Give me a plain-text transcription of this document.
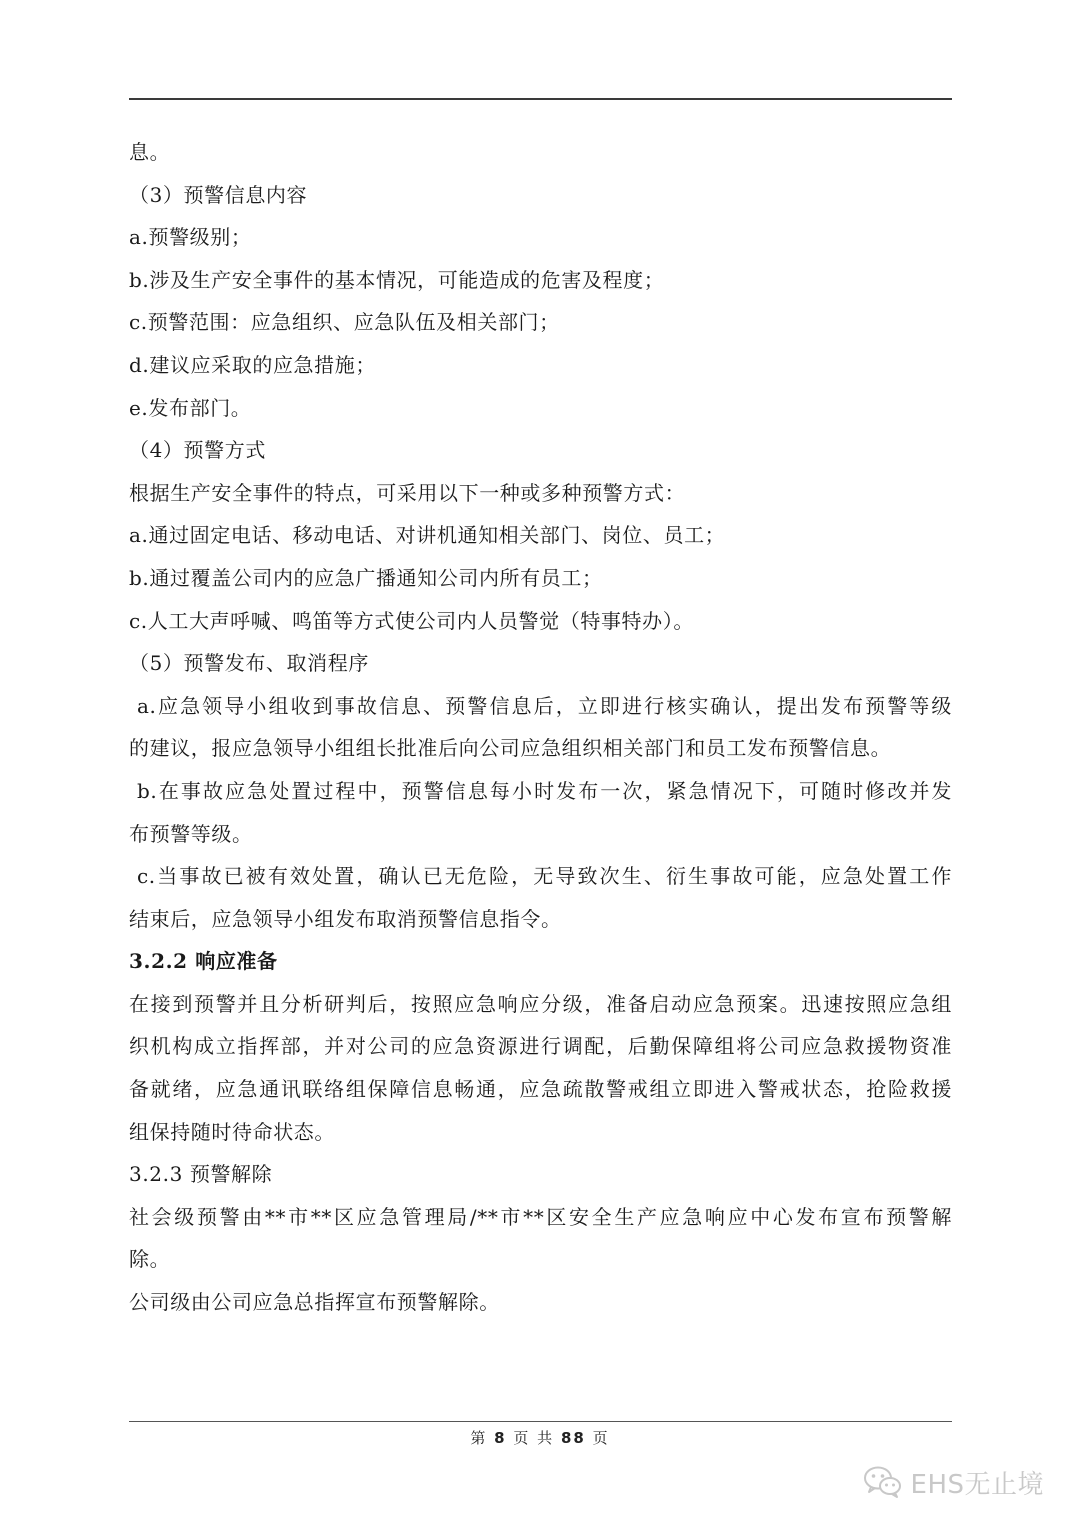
息。
（3）预警信息内容
a.预警级别；
b.涉及生产安全事件的基本情况，可能造成的危害及程度；
c.预警范围：应急组织、应急队伍及相关部门；
d.建议应采取的应急措施；
e.发布部门。
（4）预警方式
根据生产安全事件的特点，可采用以下一种或多种预警方式：
a.通过固定电话、移动电话、对讲机通知相关部门、岗位、员工；
b.通过覆盖公司内的应急广播通知公司内所有员工；
c.人工大声呼喊、鸣笛等方式使公司内人员警觉（特事特办）。
（5）预警发布、取消程序
a.应急领导小组收到事故信息、预警信息后，立即进行核实确认，提出发布预警等级
的建议，报应急领导小组组长批准后向公司应急组织相关部门和员工发布预警信息。
b.在事故应急处置过程中，预警信息每小时发布一次，紧急情况下，可随时修改并发
布预警等级。
c.当事故已被有效处置，确认已无危险，无导致次生、衍生事故可能，应急处置工作
结束后，应急领导小组发布取消预警信息指令。
3.2.2 响应准备
在接到预警并且分析研判后，按照应急响应分级，准备启动应急预案。迅速按照应急组
织机构成立指挥部，并对公司的应急资源进行调配，后勤保障组将公司应急救援物资准
备就绪，应急通讯联络组保障信息畅通，应急疏散警戒组立即进入警戒状态，抢险救援
组保持随时待命状态。
3.2.3 预警解除
社会级预警由**市**区应急管理局/**市**区安全生产应急响应中心发布宣布预警解
除。
公司级由公司应急总指挥宣布预警解除。
第 8 页 共 88 页
EHS无止境
